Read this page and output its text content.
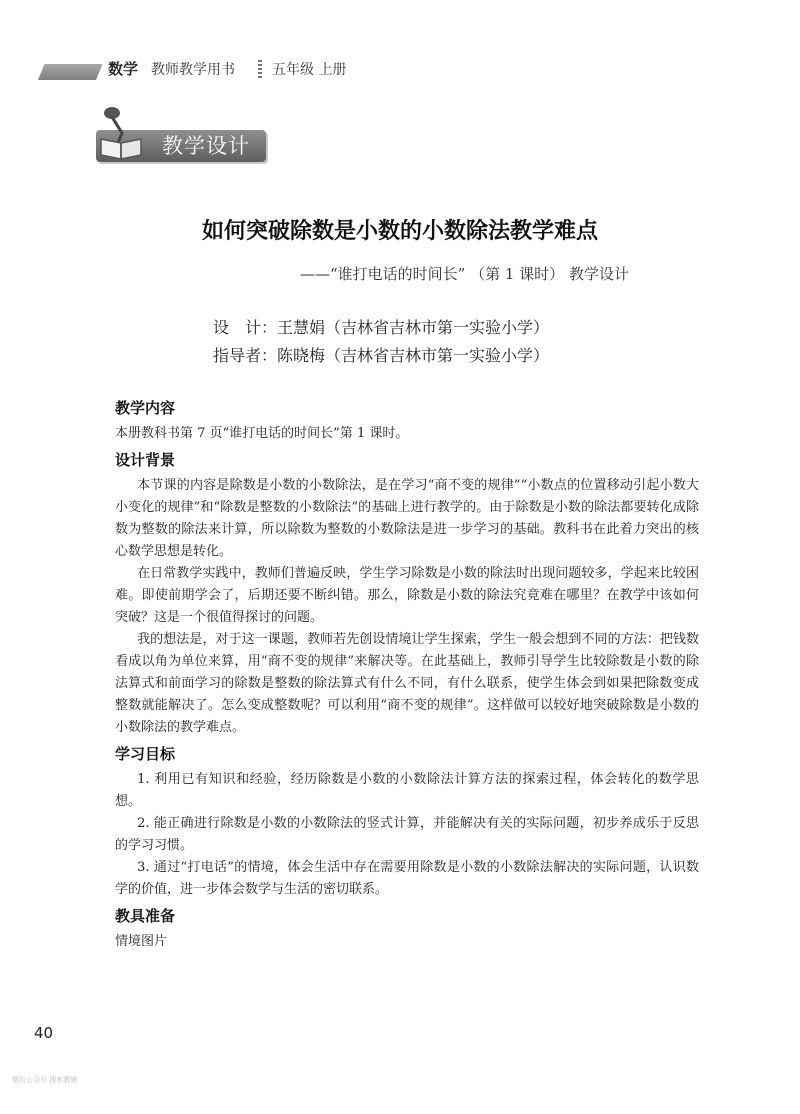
数学 教师教学用书	五年级 上册
教学设计
如何突破除数是小数的小数除法教学难点
——“谁打电话的时间长” （第 1 课时） 教学设计
设　计：王慧娟（吉林省吉林市第一实验小学）
指导者：陈晓梅（吉林省吉林市第一实验小学）

教学内容

本册教科书第 7 页“谁打电话的时间长”第 1 课时。

设计背景

本节课的内容是除数是小数的小数除法，是在学习“商不变的规律”“小数点的位置移动引起小数大小变化的规律”和“除数是整数的小数除法”的基础上进行教学的。由于除数是小数的除法都要转化成除数为整数的除法来计算，所以除数为整数的小数除法是进一步学习的基础。教科书在此着力突出的核心数学思想是转化。

在日常教学实践中，教师们普遍反映，学生学习除数是小数的除法时出现问题较多，学起来比较困难。即使前期学会了，后期还要不断纠错。那么，除数是小数的除法究竟难在哪里？在教学中该如何突破？这是一个很值得探讨的问题。

我的想法是，对于这一课题，教师若先创设情境让学生探索，学生一般会想到不同的方法：把钱数看成以角为单位来算，用“商不变的规律”来解决等。在此基础上，教师引导学生比较除数是小数的除法算式和前面学习的除数是整数的除法算式有什么不同，有什么联系，使学生体会到如果把除数变成整数就能解决了。怎么变成整数呢？可以利用“商不变的规律”。这样做可以较好地突破除数是小数的小数除法的教学难点。

学习目标

1. 利用已有知识和经验，经历除数是小数的小数除法计算方法的探索过程，体会转化的数学思想。

2. 能正确进行除数是小数的小数除法的竖式计算，并能解决有关的实际问题，初步养成乐于反思的学习习惯。

3. 通过“打电话”的情境，体会生活中存在需要用除数是小数的小数除法解决的实际问题，认识数学的价值，进一步体会数学与生活的密切联系。

教具准备

情境图片

40
微信公众号 搜索教辅
